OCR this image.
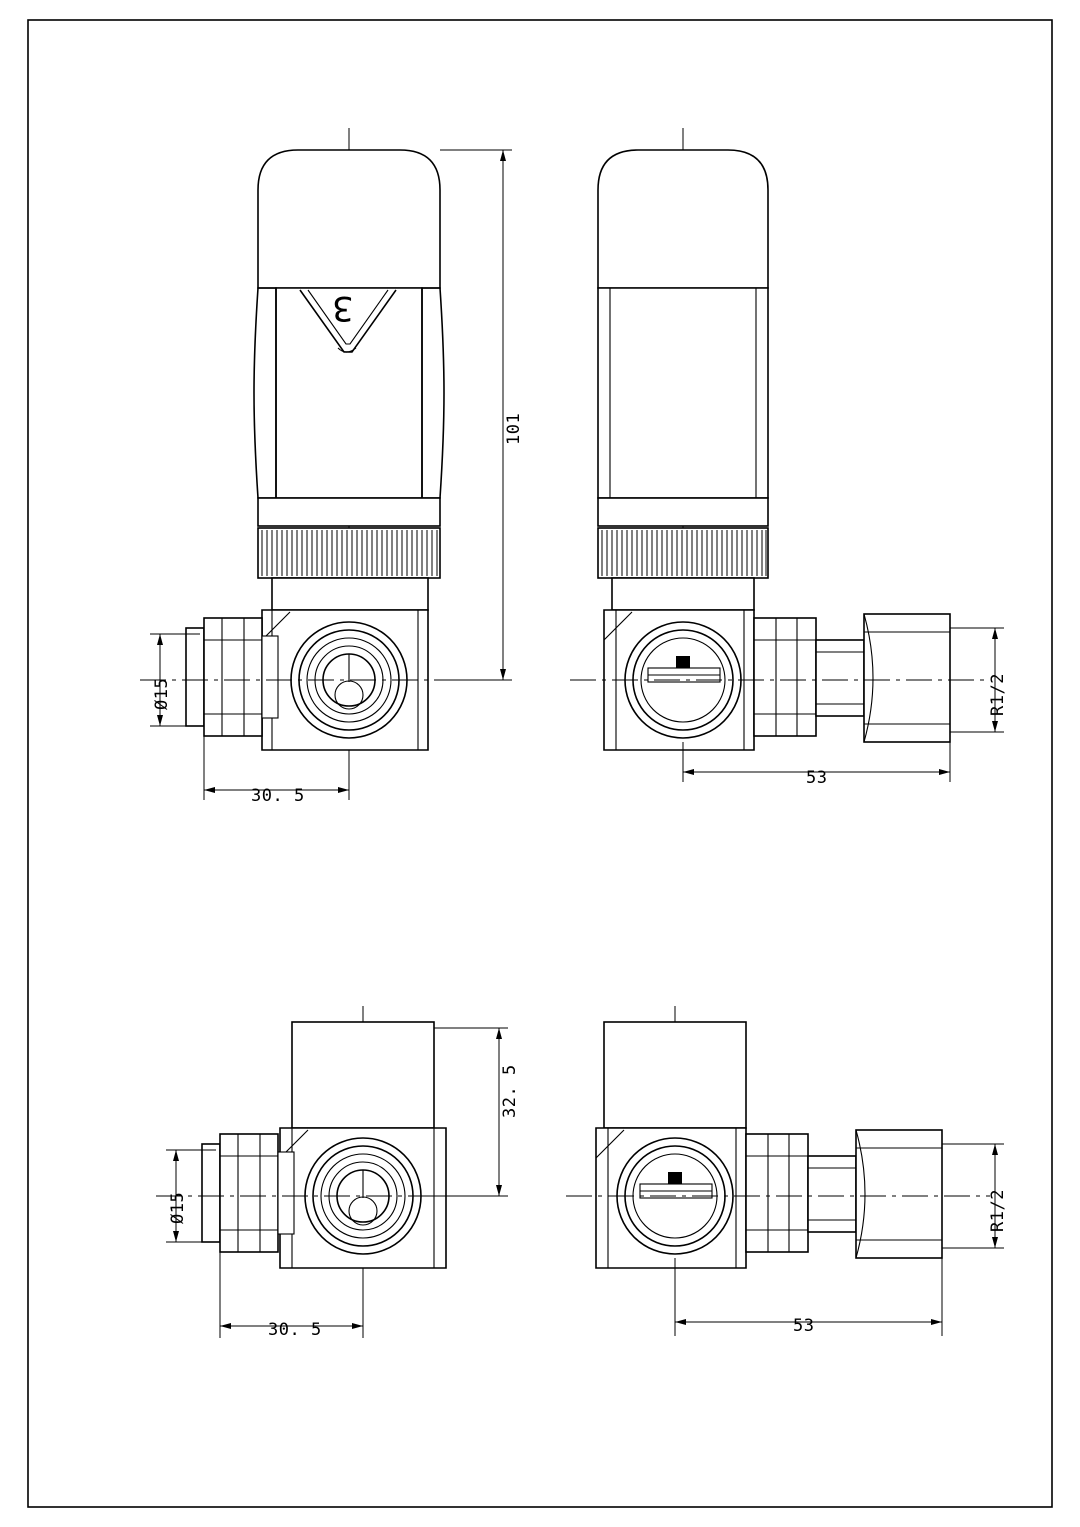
101
Ø15
30. 5
3
R1/2
53
32. 5
Ø15
30. 5
R1/2
53
